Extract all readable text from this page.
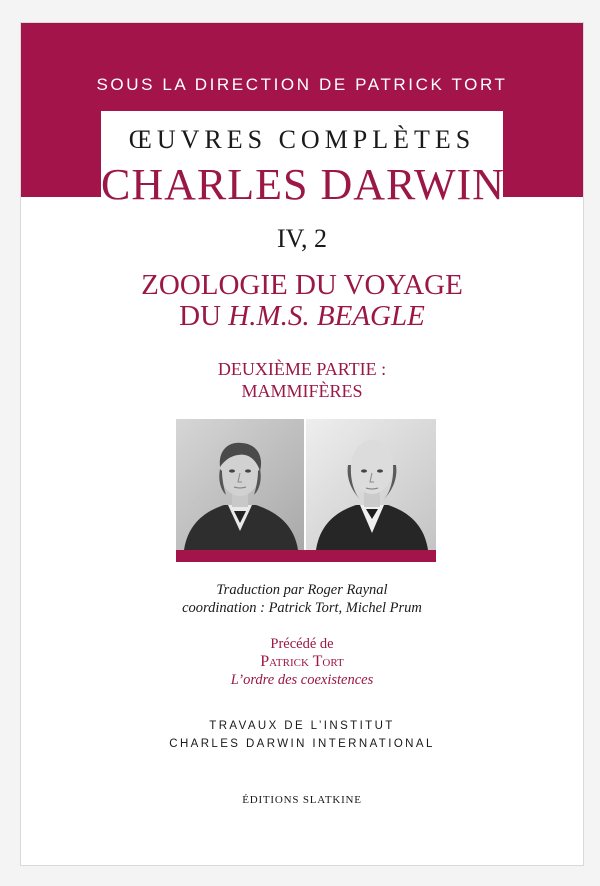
SOUS LA DIRECTION DE PATRICK TORT
ŒUVRES COMPLÈTES
CHARLES DARWIN
IV, 2
ZOOLOGIE DU VOYAGE
DU H.M.S. BEAGLE
DEUXIÈME PARTIE :
MAMMIFÈRES
Traduction par Roger Raynal
coordination : Patrick Tort, Michel Prum
Précédé de
Patrick Tort
L’ordre des coexistences
TRAVAUX DE L’INSTITUT
CHARLES DARWIN INTERNATIONAL
ÉDITIONS SLATKINE
